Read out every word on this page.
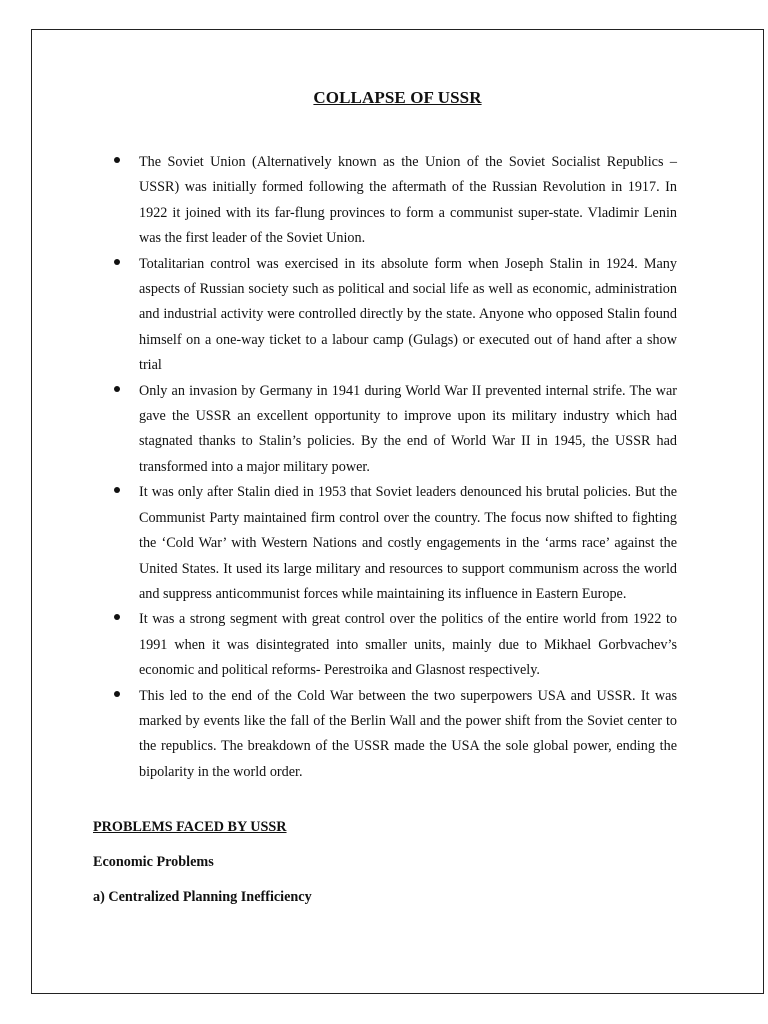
COLLAPSE OF USSR
The Soviet Union (Alternatively known as the Union of the Soviet Socialist Republics – USSR) was initially formed following the aftermath of the Russian Revolution in 1917. In 1922 it joined with its far-flung provinces to form a communist super-state. Vladimir Lenin was the first leader of the Soviet Union.
Totalitarian control was exercised in its absolute form when Joseph Stalin in 1924. Many aspects of Russian society such as political and social life as well as economic, administration and industrial activity were controlled directly by the state. Anyone who opposed Stalin found himself on a one-way ticket to a labour camp (Gulags) or executed out of hand after a show trial
Only an invasion by Germany in 1941 during World War II prevented internal strife. The war gave the USSR an excellent opportunity to improve upon its military industry which had stagnated thanks to Stalin’s policies. By the end of World War II in 1945, the USSR had transformed into a major military power.
It was only after Stalin died in 1953 that Soviet leaders denounced his brutal policies. But the Communist Party maintained firm control over the country. The focus now shifted to fighting the ‘Cold War’ with Western Nations and costly engagements in the ‘arms race’ against the United States. It used its large military and resources to support communism across the world and suppress anticommunist forces while maintaining its influence in Eastern Europe.
It was a strong segment with great control over the politics of the entire world from 1922 to 1991 when it was disintegrated into smaller units, mainly due to Mikhael Gorbvachev’s economic and political reforms- Perestroika and Glasnost respectively.
This led to the end of the Cold War between the two superpowers USA and USSR. It was marked by events like the fall of the Berlin Wall and the power shift from the Soviet center to the republics. The breakdown of the USSR made the USA the sole global power, ending the bipolarity in the world order.
PROBLEMS FACED BY USSR
Economic Problems
a) Centralized Planning Inefficiency
